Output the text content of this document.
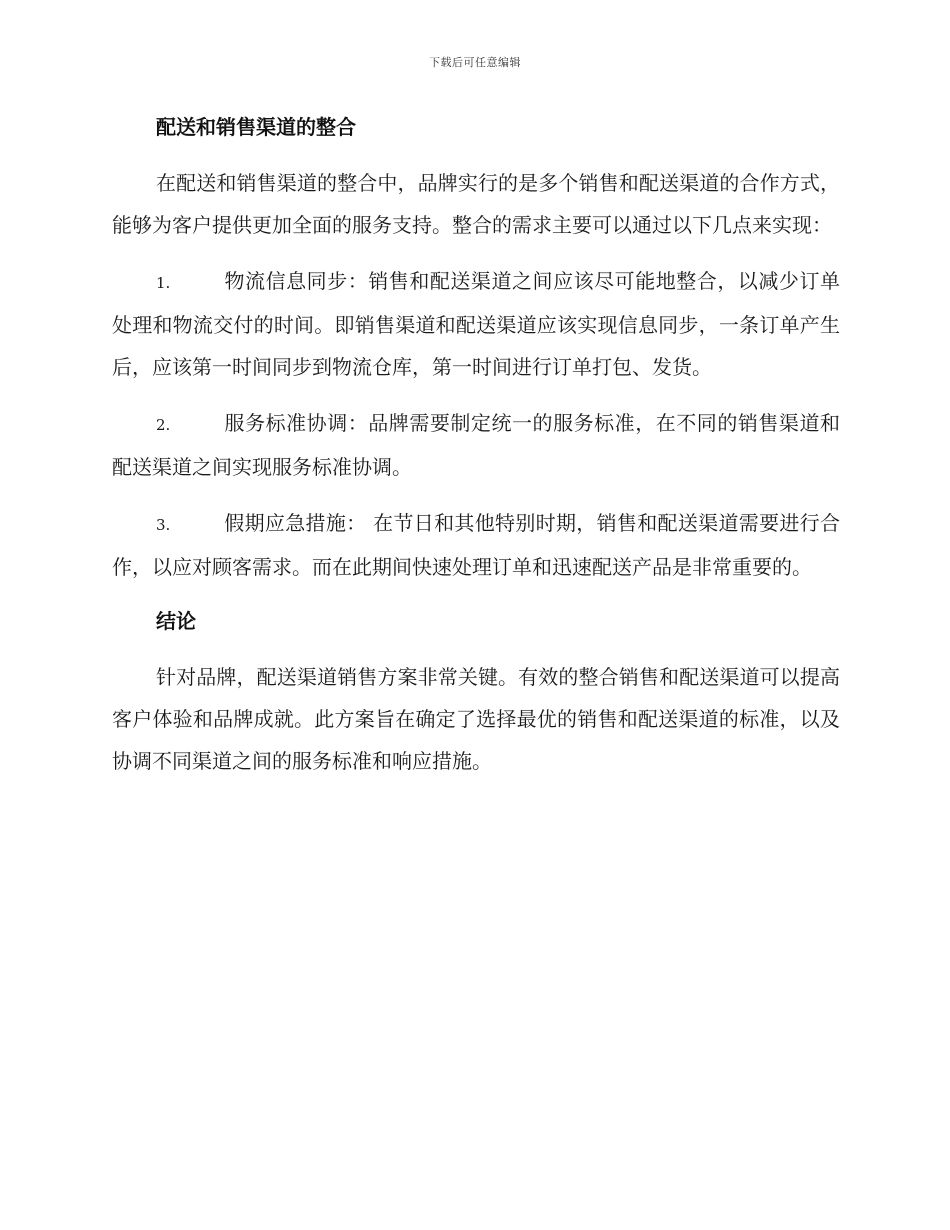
下载后可任意编辑
配送和销售渠道的整合

在配送和销售渠道的整合中，品牌实行的是多个销售和配送渠道的合作方式，能够为客户提供更加全面的服务支持。整合的需求主要可以通过以下几点来实现：

1.	物流信息同步：销售和配送渠道之间应该尽可能地整合，以减少订单处理和物流交付的时间。即销售渠道和配送渠道应该实现信息同步，一条订单产生后，应该第一时间同步到物流仓库，第一时间进行订单打包、发货。

2.	服务标准协调：品牌需要制定统一的服务标准，在不同的销售渠道和配送渠道之间实现服务标准协调。

3.	假期应急措施： 在节日和其他特别时期，销售和配送渠道需要进行合作，以应对顾客需求。而在此期间快速处理订单和迅速配送产品是非常重要的。

结论

针对品牌，配送渠道销售方案非常关键。有效的整合销售和配送渠道可以提高客户体验和品牌成就。此方案旨在确定了选择最优的销售和配送渠道的标准，以及协调不同渠道之间的服务标准和响应措施。
